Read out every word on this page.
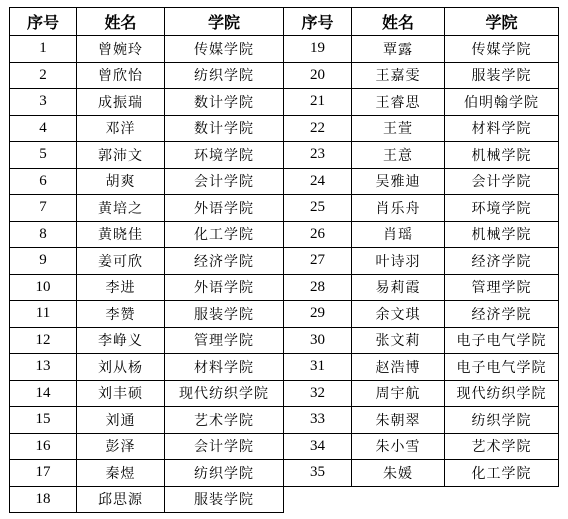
序号	姓名	学院	序号	姓名	学院
1	曾婉玲	传媒学院	19	覃露	传媒学院
2	曾欣怡	纺织学院	20	王嘉雯	服装学院
3	成振瑞	数计学院	21	王睿思	伯明翰学院
4	邓洋	数计学院	22	王萱	材料学院
5	郭沛文	环境学院	23	王意	机械学院
6	胡爽	会计学院	24	吴雅迪	会计学院
7	黄培之	外语学院	25	肖乐舟	环境学院
8	黄晓佳	化工学院	26	肖瑶	机械学院
9	姜可欣	经济学院	27	叶诗羽	经济学院
10	李进	外语学院	28	易莉霞	管理学院
11	李赞	服装学院	29	余文琪	经济学院
12	李峥义	管理学院	30	张文莉	电子电气学院
13	刘从杨	材料学院	31	赵浩博	电子电气学院
14	刘丰硕	现代纺织学院	32	周宇航	现代纺织学院
15	刘通	艺术学院	33	朱朝翠	纺织学院
16	彭泽	会计学院	34	朱小雪	艺术学院
17	秦煜	纺织学院	35	朱媛	化工学院
18	邱思源	服装学院			
